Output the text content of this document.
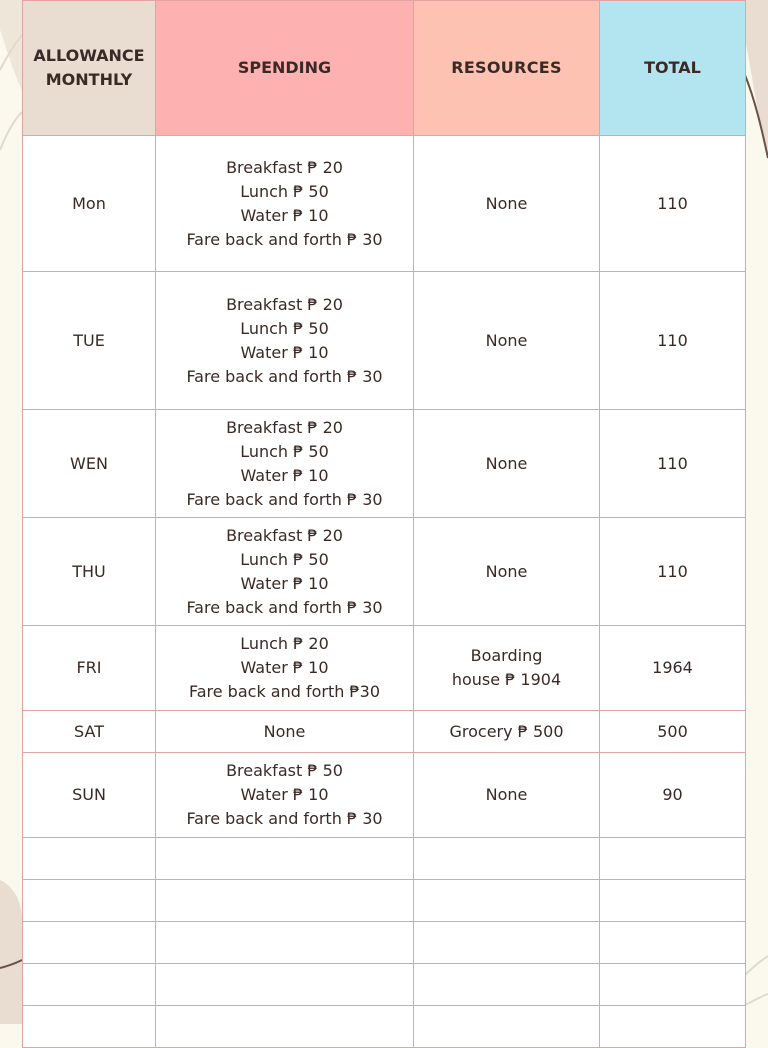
ALLOWANCE
MONTHLY	SPENDING	RESOURCES	TOTAL
Mon	Breakfast ₱ 20
Lunch ₱ 50
Water ₱ 10
Fare back and forth ₱ 30	None	110
TUE	Breakfast ₱ 20
Lunch ₱ 50
Water ₱ 10
Fare back and forth ₱ 30	None	110
WEN	Breakfast ₱ 20
Lunch ₱ 50
Water ₱ 10
Fare back and forth ₱ 30	None	110
THU	Breakfast ₱ 20
Lunch ₱ 50
Water ₱ 10
Fare back and forth ₱ 30	None	110
FRI	Lunch ₱ 20
Water ₱ 10
Fare back and forth ₱30	Boarding
house ₱ 1904	1964
SAT	None	Grocery ₱ 500	500
SUN	Breakfast ₱ 50
Water ₱ 10
Fare back and forth ₱ 30	None	90
